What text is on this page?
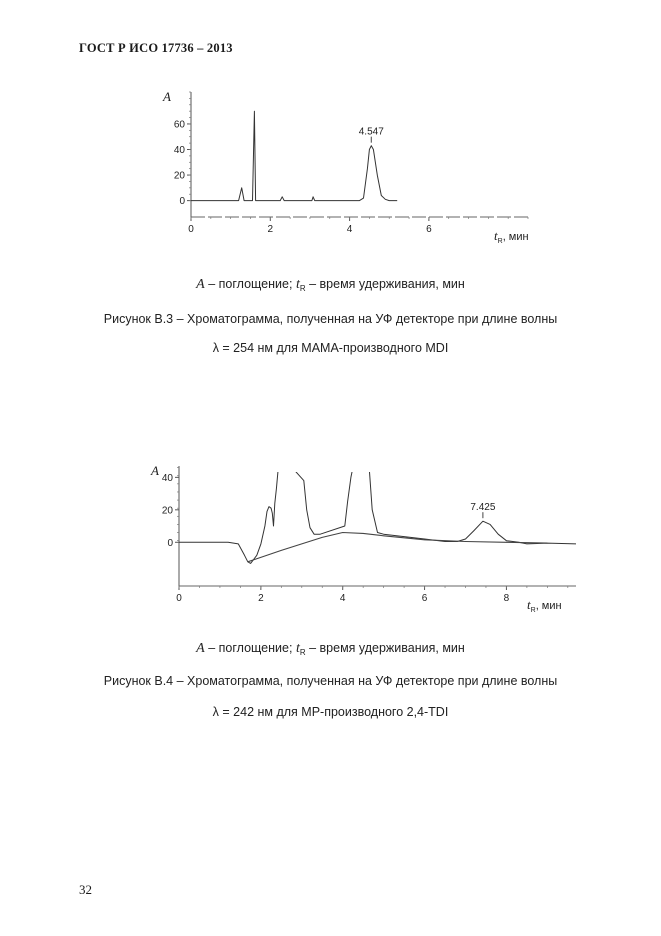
ГОСТ Р ИСО 17736 – 2013
0
20
40
60
0	2	4	6
A
$t_R$, мин
4.547
A – поглощение; $t_R$ – время удерживания, мин
Рисунок В.3 – Хроматограмма, полученная на УФ детекторе при длине волны
λ = 254 нм для МАМА-производного MDI
0
20
40
0	2	4	6	8
A
$t_R$, мин
7.425
A – поглощение; $t_R$ – время удерживания, мин
Рисунок В.4 – Хроматограмма, полученная на УФ детекторе при длине волны
λ = 242 нм для МР-производного 2,4-TDI
32
